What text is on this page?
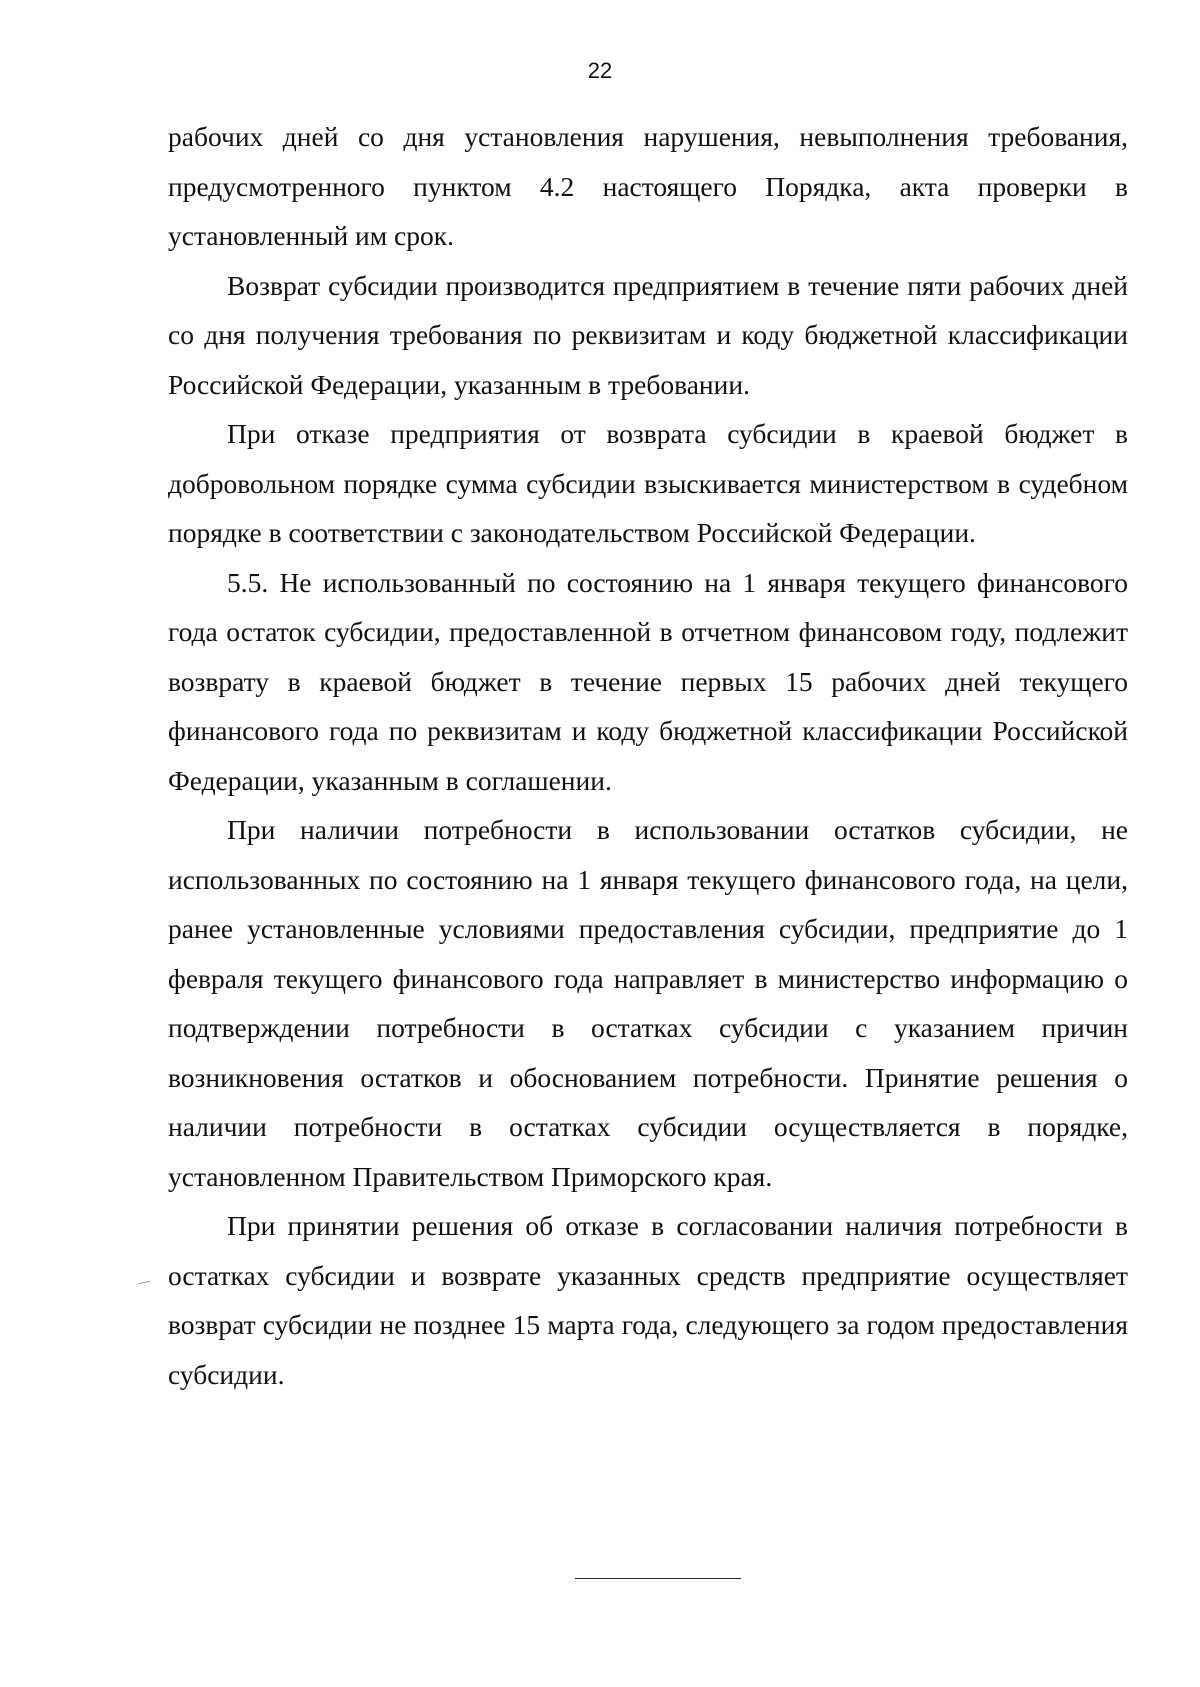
22

рабочих дней со дня установления нарушения, невыполнения требования, предусмотренного пунктом 4.2 настоящего Порядка, акта проверки в установленный им срок.

Возврат субсидии производится предприятием в течение пяти рабочих дней со дня получения требования по реквизитам и коду бюджетной классификации Российской Федерации, указанным в требовании.

При отказе предприятия от возврата субсидии в краевой бюджет в добровольном порядке сумма субсидии взыскивается министерством в судебном порядке в соответствии с законодательством Российской Федерации.

5.5. Не использованный по состоянию на 1 января текущего финансового года остаток субсидии, предоставленной в отчетном финансовом году, подлежит возврату в краевой бюджет в течение первых 15 рабочих дней текущего финансового года по реквизитам и коду бюджетной классификации Российской Федерации, указанным в соглашении.

При наличии потребности в использовании остатков субсидии, не использованных по состоянию на 1 января текущего финансового года, на цели, ранее установленные условиями предоставления субсидии, предприятие до 1 февраля текущего финансового года направляет в министерство информацию о подтверждении потребности в остатках субсидии с указанием причин возникновения остатков и обоснованием потребности. Принятие решения о наличии потребности в остатках субсидии осуществляется в порядке, установленном Правительством Приморского края.

При принятии решения об отказе в согласовании наличия потребности в остатках субсидии и возврате указанных средств предприятие осуществляет возврат субсидии не позднее 15 марта года, следующего за годом предоставления субсидии.
